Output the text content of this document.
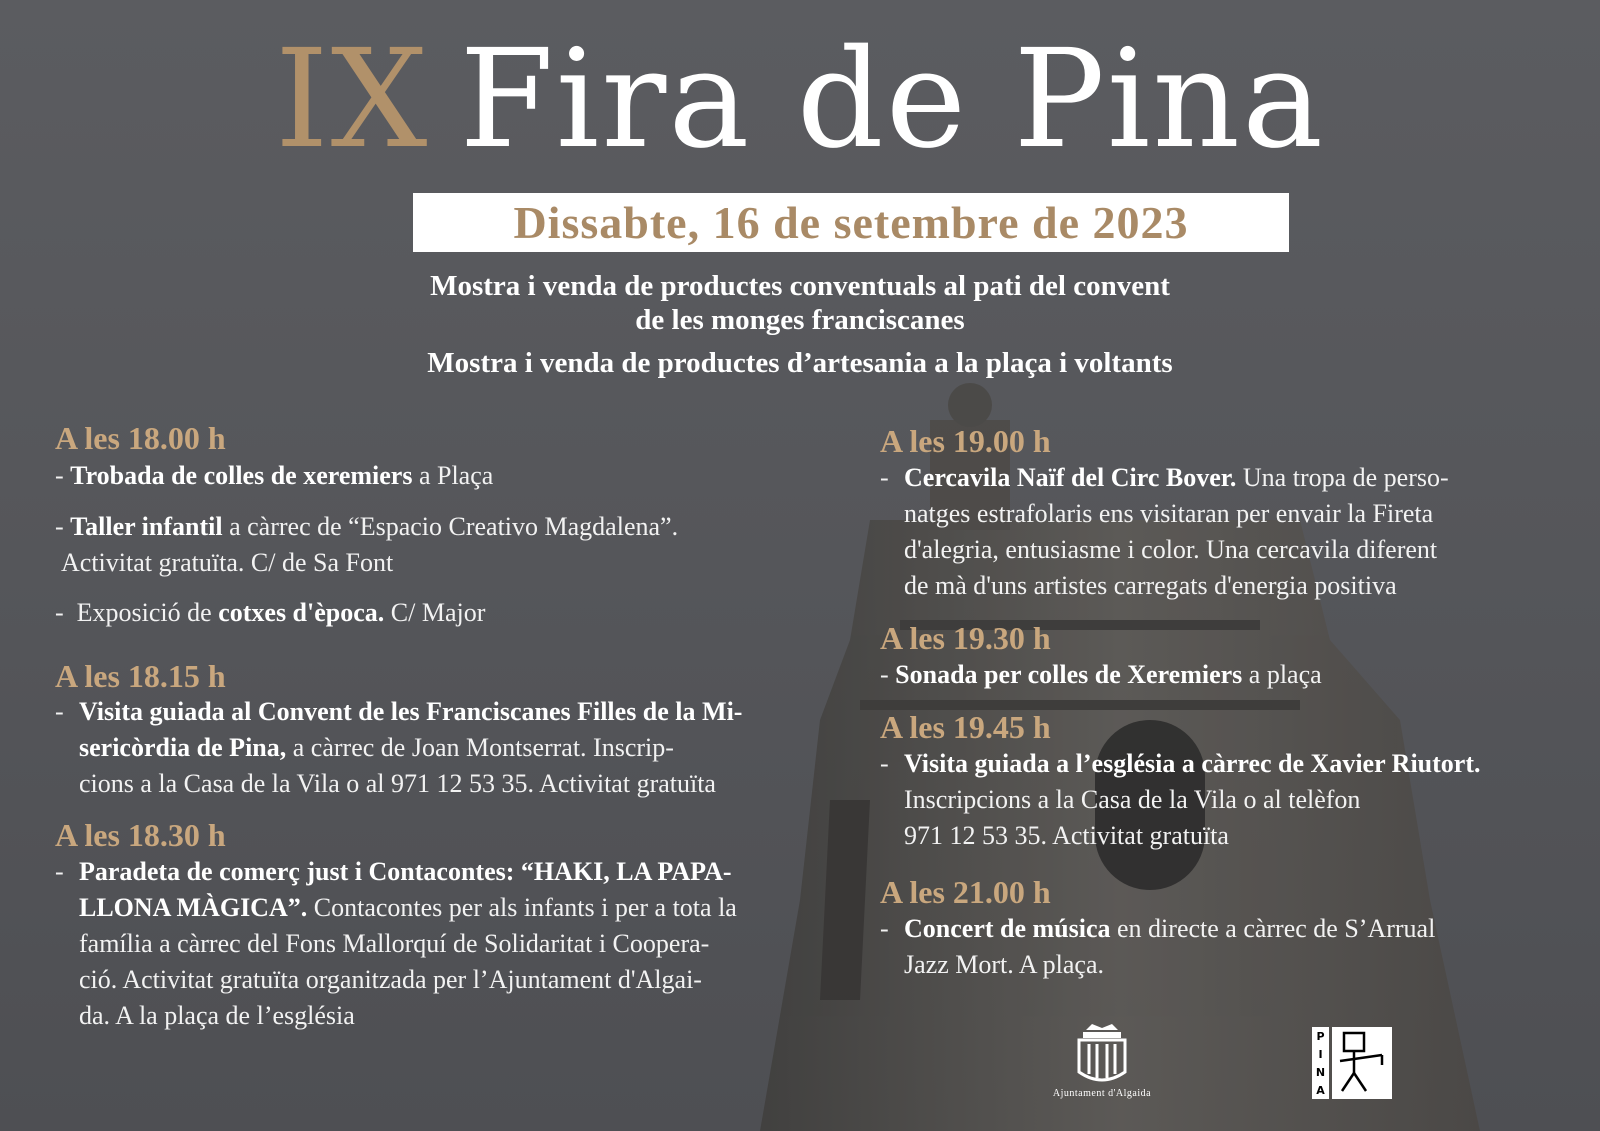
IX Fira de Pina
Dissabte, 16 de setembre de 2023
Mostra i venda de productes conventuals al pati del convent
de les monges franciscanes
Mostra i venda de productes d’artesania a la plaça i voltants
A les 18.00 h
- Trobada de colles de xeremiers a Plaça
- Taller infantil a càrrec de “Espacio Creativo Magdalena”.
Activitat gratuïta. C/ de Sa Font
- Exposició de cotxes d'època. C/ Major
A les 18.15 h
- Visita guiada al Convent de les Franciscanes Filles de la Mi-
sericòrdia de Pina, a càrrec de Joan Montserrat. Inscrip-
cions a la Casa de la Vila o al 971 12 53 35. Activitat gratuïta
A les 18.30 h
- Paradeta de comerç just i Contacontes: “HAKI, LA PAPA-
LLONA MÀGICA”. Contacontes per als infants i per a tota la
família a càrrec del Fons Mallorquí de Solidaritat i Coopera-
ció. Activitat gratuïta organitzada per l’Ajuntament d'Algai-
da. A la plaça de l’església
A les 19.00 h
- Cercavila Naïf del Circ Bover. Una tropa de perso-
natges estrafolaris ens visitaran per envair la Fireta
d'alegria, entusiasme i color. Una cercavila diferent
de mà d'uns artistes carregats d'energia positiva
A les 19.30 h
- Sonada per colles de Xeremiers a plaça
A les 19.45 h
- Visita guiada a l’església a càrrec de Xavier Riutort.
Inscripcions a la Casa de la Vila o al telèfon
971 12 53 35. Activitat gratuïta
A les 21.00 h
- Concert de música en directe a càrrec de S’Arrual
Jazz Mort. A plaça.
Ajuntament d'Algaida
P
I
N
A
